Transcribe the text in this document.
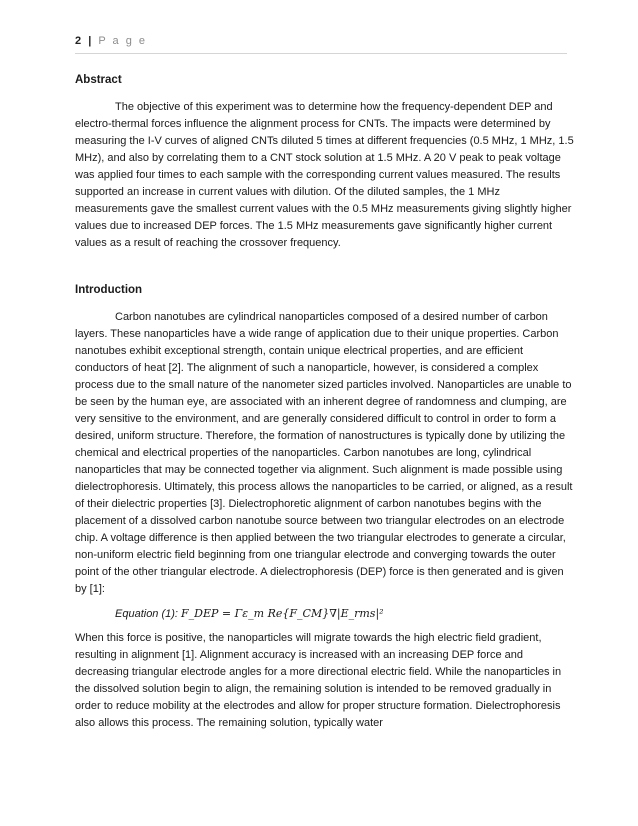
2 | P a g e
Abstract

The objective of this experiment was to determine how the frequency-dependent DEP and electro-thermal forces influence the alignment process for CNTs. The impacts were determined by measuring the I-V curves of aligned CNTs diluted 5 times at different frequencies (0.5 MHz, 1 MHz, 1.5 MHz), and also by correlating them to a CNT stock solution at 1.5 MHz. A 20 V peak to peak voltage was applied four times to each sample with the corresponding current values measured. The results supported an increase in current values with dilution. Of the diluted samples, the 1 MHz measurements gave the smallest current values with the 0.5 MHz measurements giving slightly higher values due to increased DEP forces. The 1.5 MHz measurements gave significantly higher current values as a result of reaching the crossover frequency.

Introduction

Carbon nanotubes are cylindrical nanoparticles composed of a desired number of carbon layers. These nanoparticles have a wide range of application due to their unique properties. Carbon nanotubes exhibit exceptional strength, contain unique electrical properties, and are efficient conductors of heat [2]. The alignment of such a nanoparticle, however, is considered a complex process due to the small nature of the nanometer sized particles involved. Nanoparticles are unable to be seen by the human eye, are associated with an inherent degree of randomness and clumping, are very sensitive to the environment, and are generally considered difficult to control in order to form a desired, uniform structure. Therefore, the formation of nanostructures is typically done by utilizing the chemical and electrical properties of the nanoparticles. Carbon nanotubes are long, cylindrical nanoparticles that may be connected together via alignment. Such alignment is made possible using dielectrophoresis. Ultimately, this process allows the nanoparticles to be carried, or aligned, as a result of their dielectric properties [3]. Dielectrophoretic alignment of carbon nanotubes begins with the placement of a dissolved carbon nanotube source between two triangular electrodes on an electrode chip. A voltage difference is then applied between the two triangular electrodes to generate a circular, non-uniform electric field beginning from one triangular electrode and converging towards the outer point of the other triangular electrode. A dielectrophoresis (DEP) force is then generated and is given by [1]:

Equation (1): F_DEP = Γε_m Re{F_CM}∇|E_rms|²

When this force is positive, the nanoparticles will migrate towards the high electric field gradient, resulting in alignment [1]. Alignment accuracy is increased with an increasing DEP force and decreasing triangular electrode angles for a more directional electric field. While the nanoparticles in the dissolved solution begin to align, the remaining solution is intended to be removed gradually in order to reduce mobility at the electrodes and allow for proper structure formation. Dielectrophoresis also allows this process. The remaining solution, typically water
